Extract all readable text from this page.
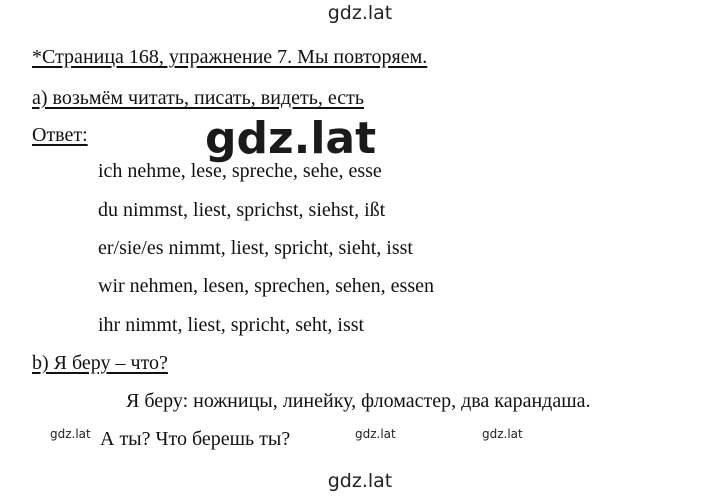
gdz.lat
*Страница 168, упражнение 7. Мы повторяем.
а) возьмём читать, писать, видеть, есть
Ответ:
ich nehme, lese, spreche, sehe, esse
du nimmst, liest, sprichst, siehst, ißt
er/sie/es nimmt, liest, spricht, sieht, isst
wir nehmen, lesen, sprechen, sehen, essen
ihr nimmt, liest, spricht, seht, isst
b) Я беру – что?
Я беру: ножницы, линейку, фломастер, два карандаша.
А ты? Что берешь ты?
gdz.lat
gdz.lat	gdz.lat	gdz.lat
gdz.lat
